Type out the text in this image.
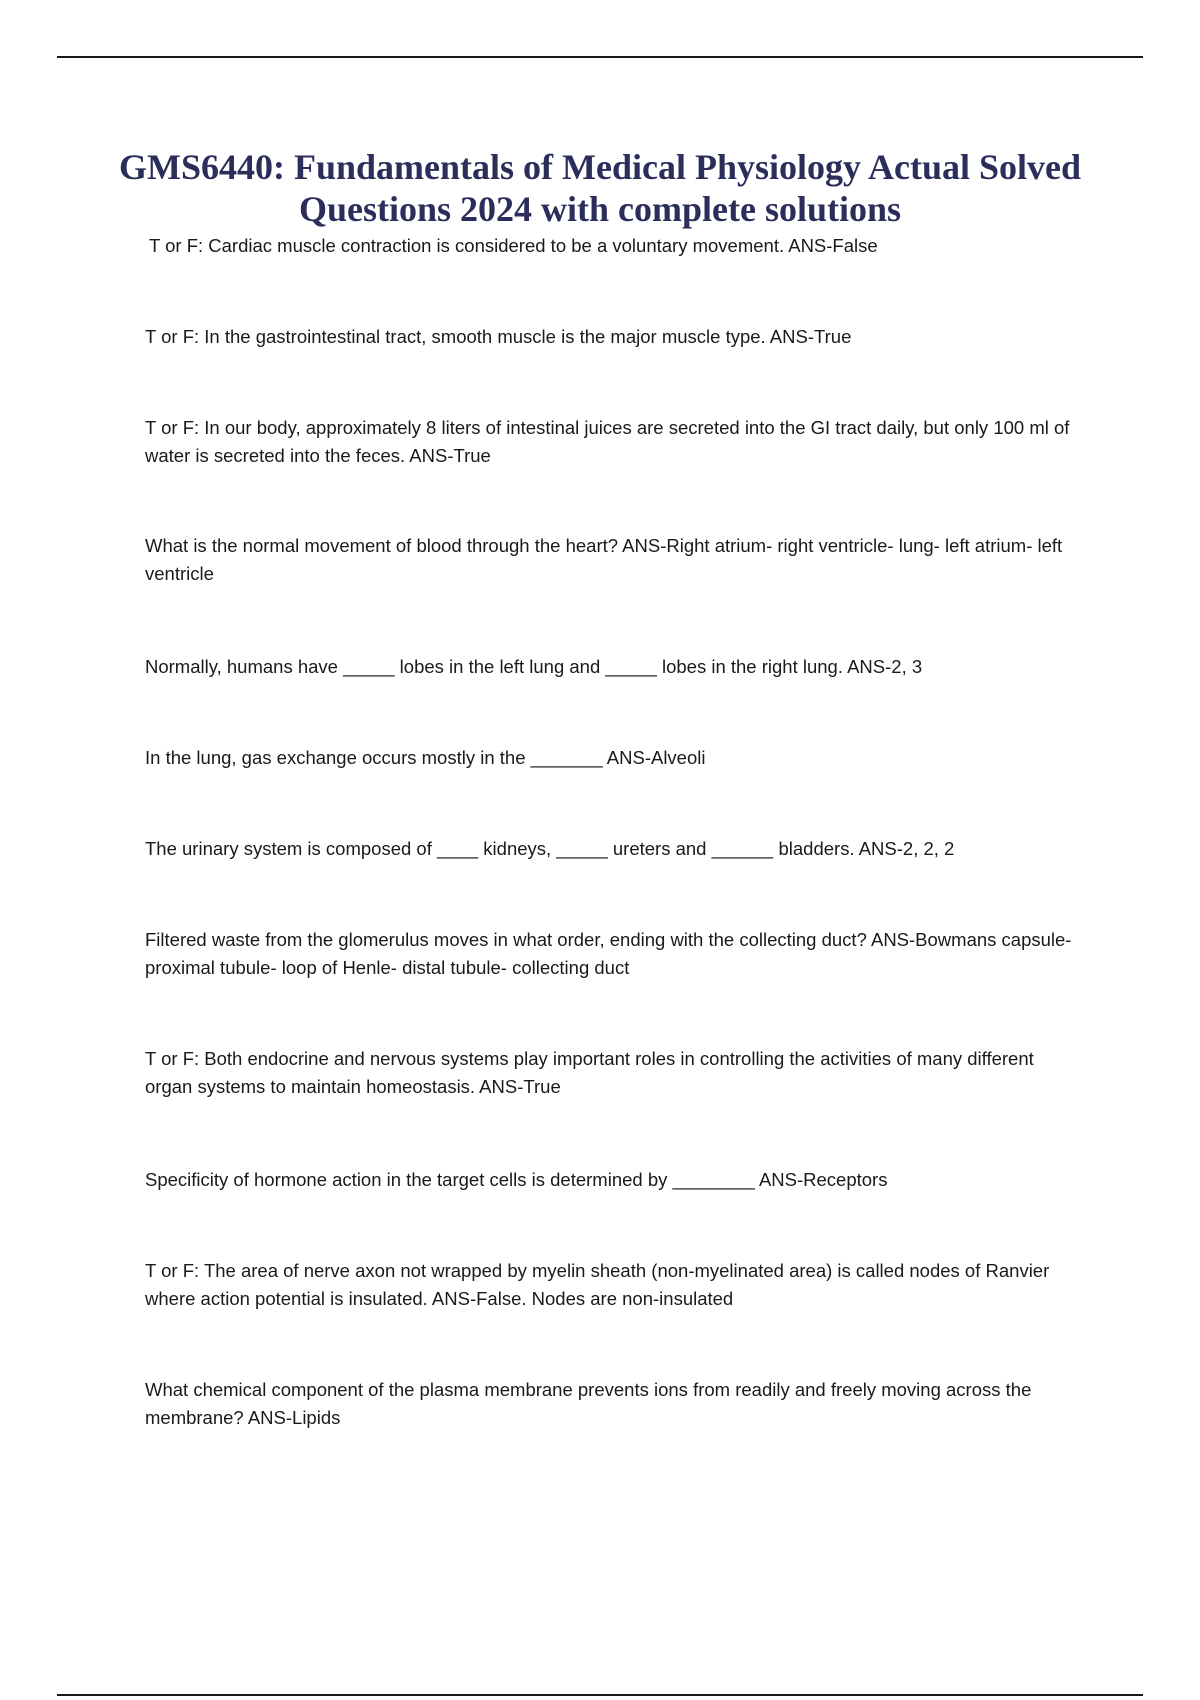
GMS6440: Fundamentals of Medical Physiology Actual Solved Questions 2024 with complete solutions

T or F: Cardiac muscle contraction is considered to be a voluntary movement. ANS-False

T or F: In the gastrointestinal tract, smooth muscle is the major muscle type. ANS-True

T or F: In our body, approximately 8 liters of intestinal juices are secreted into the GI tract daily, but only 100 ml of water is secreted into the feces. ANS-True

What is the normal movement of blood through the heart? ANS-Right atrium- right ventricle- lung- left atrium- left ventricle

Normally, humans have _____ lobes in the left lung and _____ lobes in the right lung. ANS-2, 3

In the lung, gas exchange occurs mostly in the _______ ANS-Alveoli

The urinary system is composed of ____ kidneys, _____ ureters and ______ bladders. ANS-2, 2, 2

Filtered waste from the glomerulus moves in what order, ending with the collecting duct? ANS-Bowmans capsule- proximal tubule- loop of Henle- distal tubule- collecting duct

T or F: Both endocrine and nervous systems play important roles in controlling the activities of many different organ systems to maintain homeostasis. ANS-True

Specificity of hormone action in the target cells is determined by ________ ANS-Receptors

T or F: The area of nerve axon not wrapped by myelin sheath (non-myelinated area) is called nodes of Ranvier where action potential is insulated. ANS-False. Nodes are non-insulated

What chemical component of the plasma membrane prevents ions from readily and freely moving across the membrane? ANS-Lipids
